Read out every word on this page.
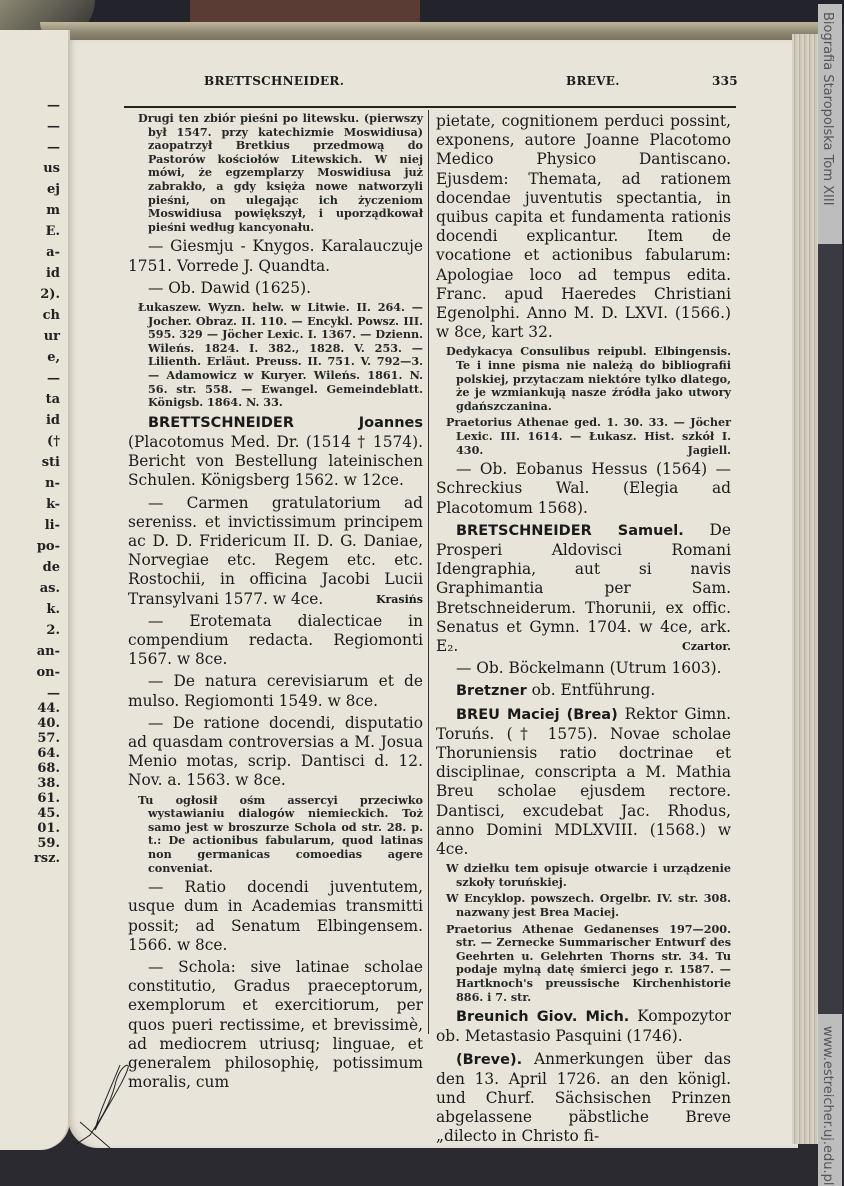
—
—
—
us
ej
m
E.
a-
id
2).
ch
ur
e,
—
ta
id
(†
sti
n-
k-
li-
po-
de
as.
k.
2.
an-
on-
—
44.
40.
57.
64.
68.
38.
61.
45.
01.
59.
rsz.
Biografia Staropolska Tom XIII
www.estreicher.uj.edu.pl
BRETTSCHNEIDER.	BREVE.	335

Drugi ten zbiór pieśni po litewsku. (pierwszy był 1547. przy katechizmie Moswidiusa) zaopatrzył Bretkius przedmową do Pastorów kościołów Litewskich. W niej mówi, że egzemplarzy Moswidiusa już zabrakło, a gdy księża nowe natworzyli pieśni, on ulegając ich życzeniom Moswidiusa powiększył, i uporządkował pieśni według kancyonału.

— Giesmju - Knygos. Karalauczuje 1751. Vorrede J. Quandta.

— Ob. Dawid (1625).

Łukaszew. Wyzn. helw. w Litwie. II. 264. — Jocher. Obraz. II. 110. — Encykl. Powsz. III. 595. 329 — Jöcher Lexic. I. 1367. — Dzienn. Wileńs. 1824. I. 382., 1828. V. 253. — Lilienth. Erläut. Preuss. II. 751. V. 792—3. — Adamowicz w Kuryer. Wileńs. 1861. N. 56. str. 558. — Ewangel. Gemeindeblatt. Königsb. 1864. N. 33.

BRETTSCHNEIDER Joannes (Placotomus Med. Dr. (1514 † 1574). Bericht von Bestellung lateinischen Schulen. Königsberg 1562. w 12ce.

— Carmen gratulatorium ad sereniss. et invictissimum principem ac D. D. Fridericum II. D. G. Daniae, Norvegiae etc. Regem etc. etc. Rostochii, in officina Jacobi Lucii Transylvani 1577. w 4ce.	Krasińs

— Erotemata dialecticae in compendium redacta. Regiomonti 1567. w 8ce.

— De natura cerevisiarum et de mulso. Regiomonti 1549. w 8ce.

— De ratione docendi, disputatio ad quasdam controversias a M. Josua Menio motas, scrip. Dantisci d. 12. Nov. a. 1563. w 8ce.

Tu ogłosił ośm assercyi przeciwko wystawianiu dialogów niemieckich. Toż samo jest w broszurze Schola od str. 28. p. t.: De actionibus fabularum, quod latinas non germanicas comoedias agere conveniat.

— Ratio docendi juventutem, usque dum in Academias transmitti possit; ad Senatum Elbingensem. 1566. w 8ce.

— Schola: sive latinae scholae constitutio, Gradus praeceptorum, exemplorum et exercitiorum, per quos pueri rectissime, et brevissimè, ad mediocrem utriusq; linguae, et generalem philosophię, potissimum moralis, cum

pietate, cognitionem perduci possint, exponens, autore Joanne Placotomo Medico Physico Dantiscano. Ejusdem: Themata, ad rationem docendae juventutis spectantia, in quibus capita et fundamenta rationis docendi explicantur. Item de vocatione et actionibus fabularum: Apologiae loco ad tempus edita. Franc. apud Haeredes Christiani Egenolphi. Anno M. D. LXVI. (1566.) w 8ce, kart 32.

Dedykacya Consulibus reipubl. Elbingensis. Te i inne pisma nie należą do bibliografii polskiej, przytaczam niektóre tylko dlatego, że je wzmiankują nasze źródła jako utwory gdańszczanina.

Praetorius Athenae ged. 1. 30. 33. — Jöcher Lexic. III. 1614. — Łukasz. Hist. szkół I. 430.	Jagiell.

— Ob. Eobanus Hessus (1564) — Schreckius Wal. (Elegia ad Placotomum 1568).

BRETSCHNEIDER Samuel. De Prosperi Aldovisci Romani Idengraphia, aut si navis Graphimantia per Sam. Bretschneiderum. Thorunii, ex offic. Senatus et Gymn. 1704. w 4ce, ark. E₂.	Czartor.

— Ob. Böckelmann (Utrum 1603).

Bretzner ob. Entführung.

BREU Maciej (Brea) Rektor Gimn. Toruńs. († 1575). Novae scholae Thoruniensis ratio doctrinae et disciplinae, conscripta a M. Mathia Breu scholae ejusdem rectore. Dantisci, excudebat Jac. Rhodus, anno Domini MDLXVIII. (1568.) w 4ce.

W dziełku tem opisuje otwarcie i urządzenie szkoły toruńskiej.

W Encyklop. powszech. Orgelbr. IV. str. 308. nazwany jest Brea Maciej.

Praetorius Athenae Gedanenses 197—200. str. — Zernecke Summarischer Entwurf des Geehrten u. Gelehrten Thorns str. 34. Tu podaje mylną datę śmierci jego r. 1587. — Hartknoch's preussische Kirchenhistorie 886. i 7. str.

Breunich Giov. Mich. Kompozytor ob. Metastasio Pasquini (1746).

(Breve). Anmerkungen über das den 13. April 1726. an den königl. und Churf. Sächsischen Prinzen abgelassene päbstliche Breve „dilecto in Christo fi-
